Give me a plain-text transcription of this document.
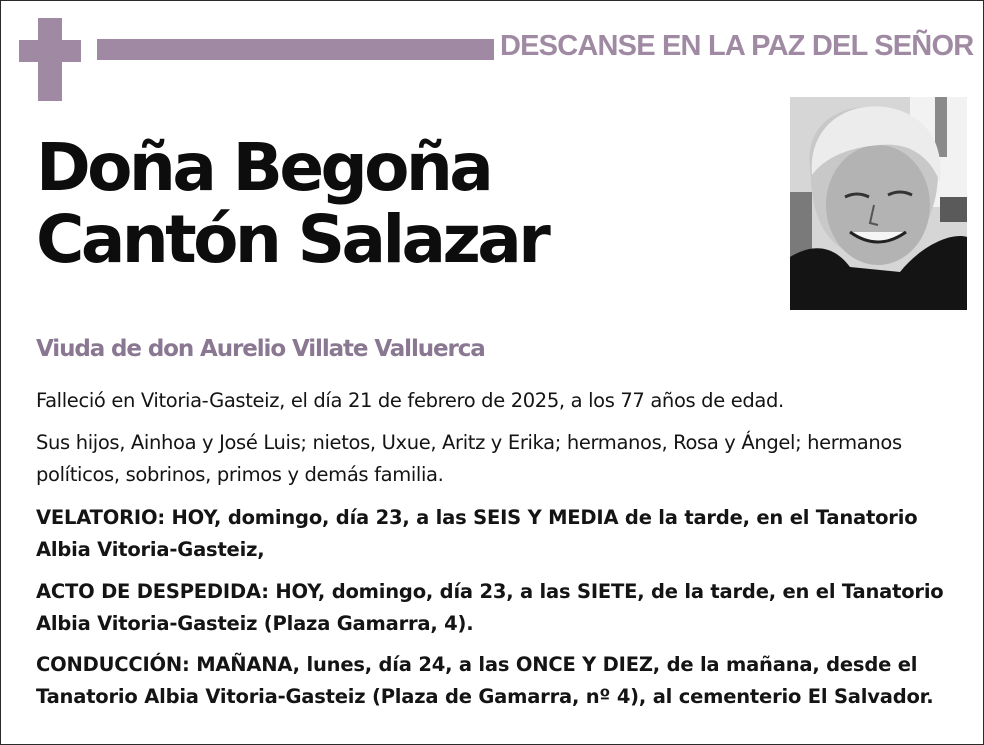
DESCANSE EN LA PAZ DEL SEÑOR
Doña Begoña
Cantón Salazar
Viuda de don Aurelio Villate Valluerca
Falleció en Vitoria-Gasteiz, el día 21 de febrero de 2025, a los 77 años de edad.
Sus hijos, Ainhoa y José Luis; nietos, Uxue, Aritz y Erika; hermanos, Rosa y Ángel; hermanos políticos, sobrinos, primos y demás familia.
VELATORIO: HOY, domingo, día 23, a las SEIS Y MEDIA de la tarde, en el Tanatorio Albia Vitoria-Gasteiz,
ACTO DE DESPEDIDA: HOY, domingo, día 23, a las SIETE, de la tarde, en el Tanatorio Albia Vitoria-Gasteiz (Plaza Gamarra, 4).
CONDUCCIÓN: MAÑANA, lunes, día 24, a las ONCE Y DIEZ, de la mañana, desde el Tanatorio Albia Vitoria-Gasteiz (Plaza de Gamarra, nº 4), al cementerio El Salvador.
